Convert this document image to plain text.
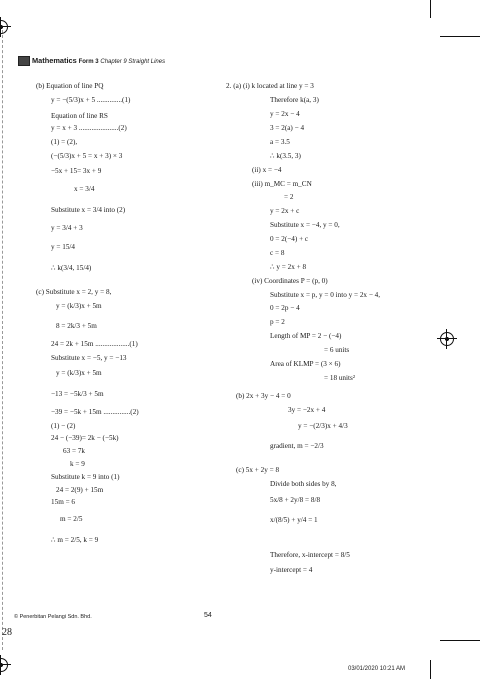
Mathematics Form 3 Chapter 9 Straight Lines
(b) Equation of line PQ
y = −(5/3)x + 5 ..............(1)
Equation of line RS
y = x + 3 ......................(2)
(1) = (2),
(−(5/3)x + 5 = x + 3) × 3
−5x + 15= 3x + 9
x = 3/4
Substitute x = 3/4 into (2)
y = 3/4 + 3
y = 15/4
∴ k(3/4, 15/4)
(c) Substitute x = 2, y = 8,
y = (k/3)x + 5m
8 = 2k/3 + 5m
24 = 2k + 15m ...................(1)
Substitute x = −5, y = −13
y = (k/3)x + 5m
−13 = −5k/3 + 5m
−39 = −5k + 15m ...............(2)
(1) − (2)
24 − (−39)= 2k − (−5k)
63 = 7k
k = 9
Substitute k = 9 into (1)
24 = 2(9) + 15m
15m = 6
m = 2/5
∴ m = 2/5, k = 9
2. (a) (i) k located at line y = 3
Therefore k(a, 3)
y = 2x − 4
3 = 2(a) − 4
a = 3.5
∴ k(3.5, 3)
(ii) x = −4
(iii) m_MC = m_CN
= 2
y = 2x + c
Substitute x = −4, y = 0,
0 = 2(−4) + c
c = 8
∴ y = 2x + 8
(iv) Coordinates P = (p, 0)
Substitute x = p, y = 0 into y = 2x − 4,
0 = 2p − 4
p = 2
Length of MP = 2 − (−4)
= 6 units
Area of KLMP = (3 × 6)
= 18 units²
(b) 2x + 3y − 4 = 0
3y = −2x + 4
y = −(2/3)x + 4/3
gradient, m = −2/3
(c) 5x + 2y = 8
Divide both sides by 8,
5x/8 + 2y/8 = 8/8
x/(8/5) + y/4 = 1
Therefore, x-intercept = 8/5
y-intercept = 4
© Penerbitan Pelangi Sdn. Bhd.	54
28
03/01/2020 10:21 AM
